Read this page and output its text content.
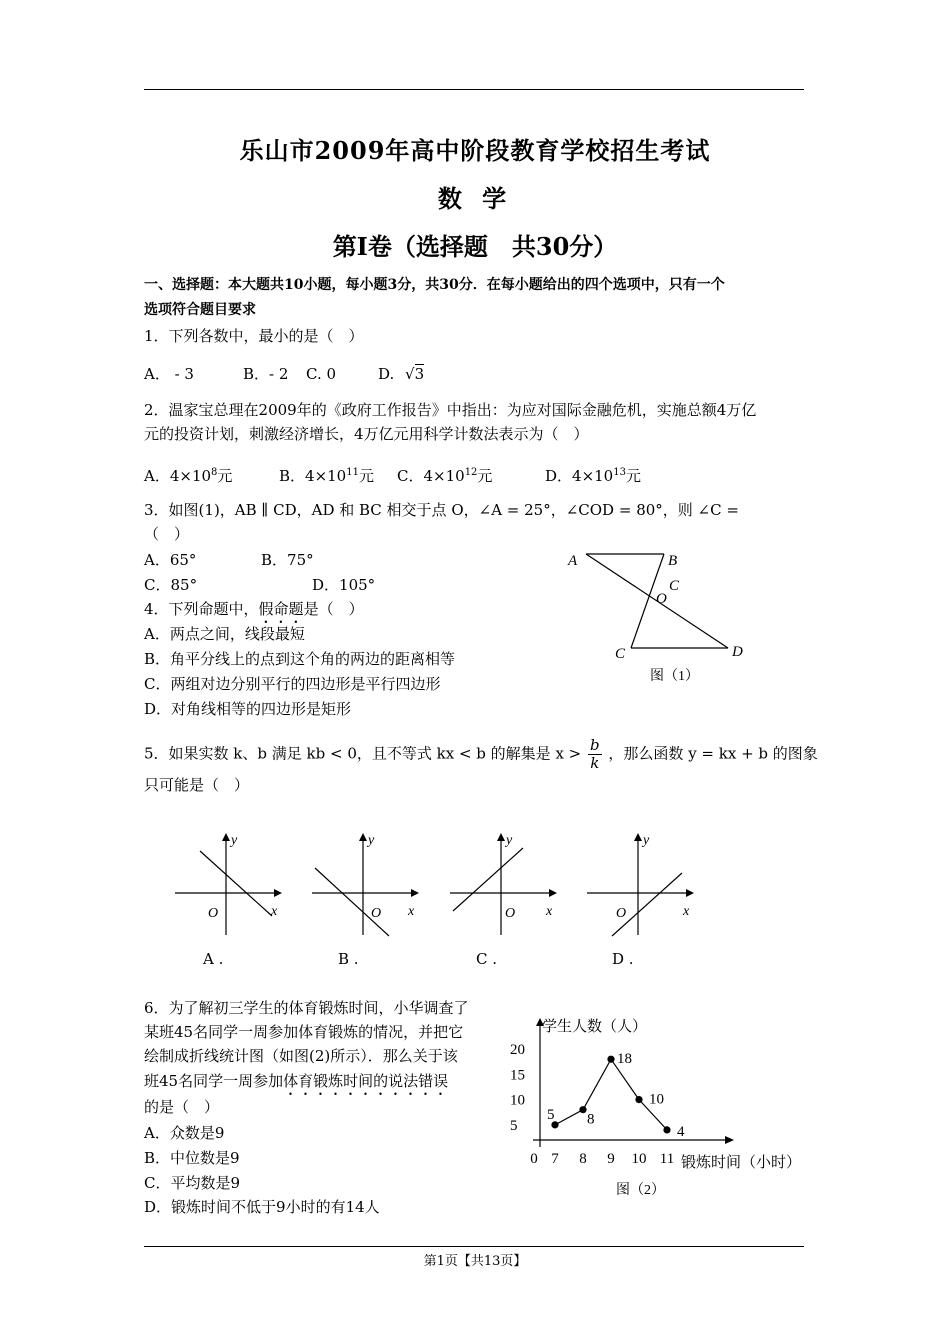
乐山市2009年高中阶段教育学校招生考试
数 学
第Ⅰ卷（选择题　共30分）
一、选择题：本大题共10小题，每小题3分，共30分．在每小题给出的四个选项中，只有一个
选项符合题目要求
1．下列各数中，最小的是（　）
A． - 3	B．- 2 C. 0	D. √3
2．温家宝总理在2009年的《政府工作报告》中指出：为应对国际金融危机，实施总额4万亿
元的投资计划，刺激经济增长，4万亿元用科学计数法表示为（　）
A．$4\times 10^8$元	B．$4\times 10^{11}$元 C．$4\times 10^{12}$元	D．$4\times 10^{13}$元
3．如图(1)，AB ∥ CD，AD 和 BC 相交于点 O，∠A = 25°，∠COD = 80°，则 ∠C =
（　）
A．65°	B．75°
C．85°	D．105°
A	B
C
O
C	D
图（1）
4．下列命题中，假命题是（　）
A．两点之间，线段最短
B．角平分线上的点到这个角的两边的距离相等
C．两组对边分别平行的四边形是平行四边形
D．对角线相等的四边形是矩形
5．如果实数 k、b 满足 kb < 0，且不等式 kx < b 的解集是 $x > \frac{b}{k}$ ，那么函数 y = kx + b 的图象
只可能是（　）
y
x
O
A .
y
x
O
B .
y
x
O
C .
y
x
O
D .
6．为了解初三学生的体育锻炼时间，小华调查了
某班45名同学一周参加体育锻炼的情况，并把它
绘制成折线统计图（如图(2)所示）．那么关于该
班45名同学一周参加体育锻炼时间的说法错误
的是（　）
A．众数是9
B．中位数是9
C．平均数是9
D．锻炼时间不低于9小时的有14人
学生人数（人）
锻炼时间（小时）
图（2）
5
10
15
20
0 7 8 9 10 11
5 8
18
10
4
第1页【共13页】
